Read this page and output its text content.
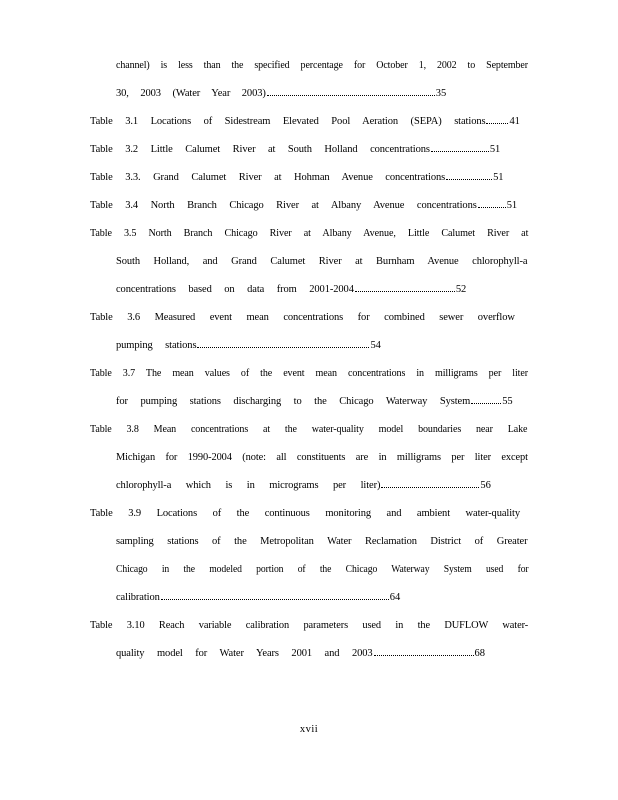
channel) is less than the specified percentage for October 1, 2002 to September
30, 2003 (Water Year 2003)	35
Table 3.1 Locations of Sidestream Elevated Pool Aeration (SEPA) stations 41
Table 3.2 Little Calumet River at South Holland concentrations	51
Table 3.3. Grand Calumet River at Hohman Avenue concentrations	51
Table 3.4 North Branch Chicago River at Albany Avenue concentrations	51
Table 3.5 North Branch Chicago River at Albany Avenue, Little Calumet River at
South Holland, and Grand Calumet River at Burnham Avenue chlorophyll-a
concentrations based on data from 2001-2004	52
Table 3.6 Measured event mean concentrations for combined sewer overflow
pumping stations	54
Table 3.7 The mean values of the event mean concentrations in milligrams per liter
for pumping stations discharging to the Chicago Waterway System	55
Table 3.8 Mean concentrations at the water-quality model boundaries near Lake
Michigan for 1990-2004 (note: all constituents are in milligrams per liter except
chlorophyll-a which is in micrograms per liter)	56
Table 3.9 Locations of the continuous monitoring and ambient water-quality
sampling stations of the Metropolitan Water Reclamation District of Greater
Chicago in the modeled portion of the Chicago Waterway System used for
calibration	64
Table 3.10 Reach variable calibration parameters used in the DUFLOW water-
quality model for Water Years 2001 and 2003	68
xvii
